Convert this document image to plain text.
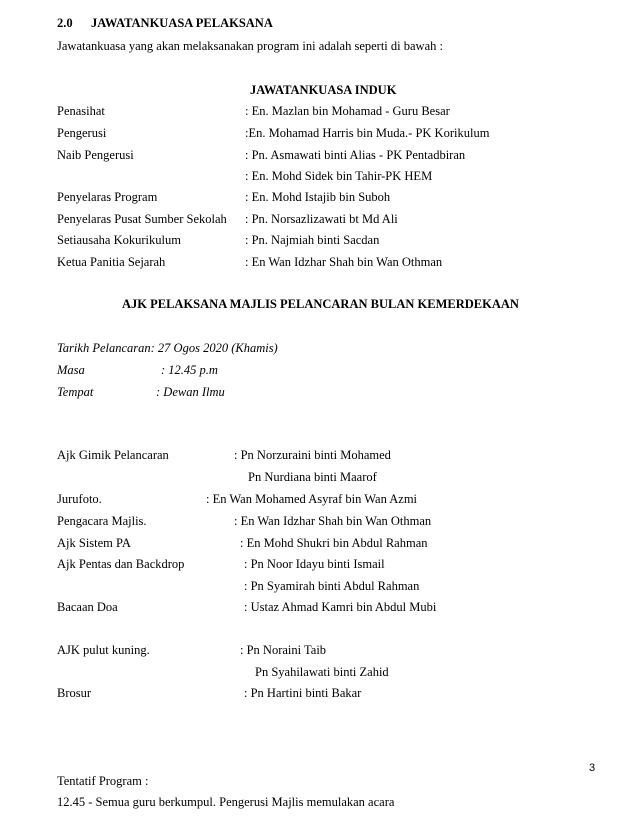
2.0 JAWATANKUASA PELAKSANA
Jawatankuasa yang akan melaksanakan program ini adalah seperti di bawah :
JAWATANKUASA INDUK
Penasihat	: En. Mazlan bin Mohamad - Guru Besar
Pengerusi	:En. Mohamad Harris bin Muda.- PK Korikulum
Naib Pengerusi	: Pn. Asmawati binti Alias - PK Pentadbiran
: En. Mohd Sidek bin Tahir-PK HEM
Penyelaras Program	: En. Mohd Istajib bin Suboh
Penyelaras Pusat Sumber Sekolah : Pn. Norsazlizawati bt Md Ali
Setiausaha Kokurikulum	: Pn. Najmiah binti Sacdan
Ketua Panitia Sejarah	: En Wan Idzhar Shah bin Wan Othman
AJK PELAKSANA MAJLIS PELANCARAN BULAN KEMERDEKAAN
Tarikh Pelancaran: 27 Ogos 2020 (Khamis)
Masa	: 12.45 p.m
Tempat	: Dewan Ilmu
Ajk Gimik Pelancaran	: Pn Norzuraini binti Mohamed
Pn Nurdiana binti Maarof
Jurufoto.	: En Wan Mohamed Asyraf bin Wan Azmi
Pengacara Majlis.	: En Wan Idzhar Shah bin Wan Othman
Ajk Sistem PA	: En Mohd Shukri bin Abdul Rahman
Ajk Pentas dan Backdrop	: Pn Noor Idayu binti Ismail
: Pn Syamirah binti Abdul Rahman
Bacaan Doa	: Ustaz Ahmad Kamri bin Abdul Mubi
AJK pulut kuning.	: Pn Noraini Taib
Pn Syahilawati binti Zahid
Brosur	: Pn Hartini binti Bakar
3
Tentatif Program :
12.45 - Semua guru berkumpul. Pengerusi Majlis memulakan acara
